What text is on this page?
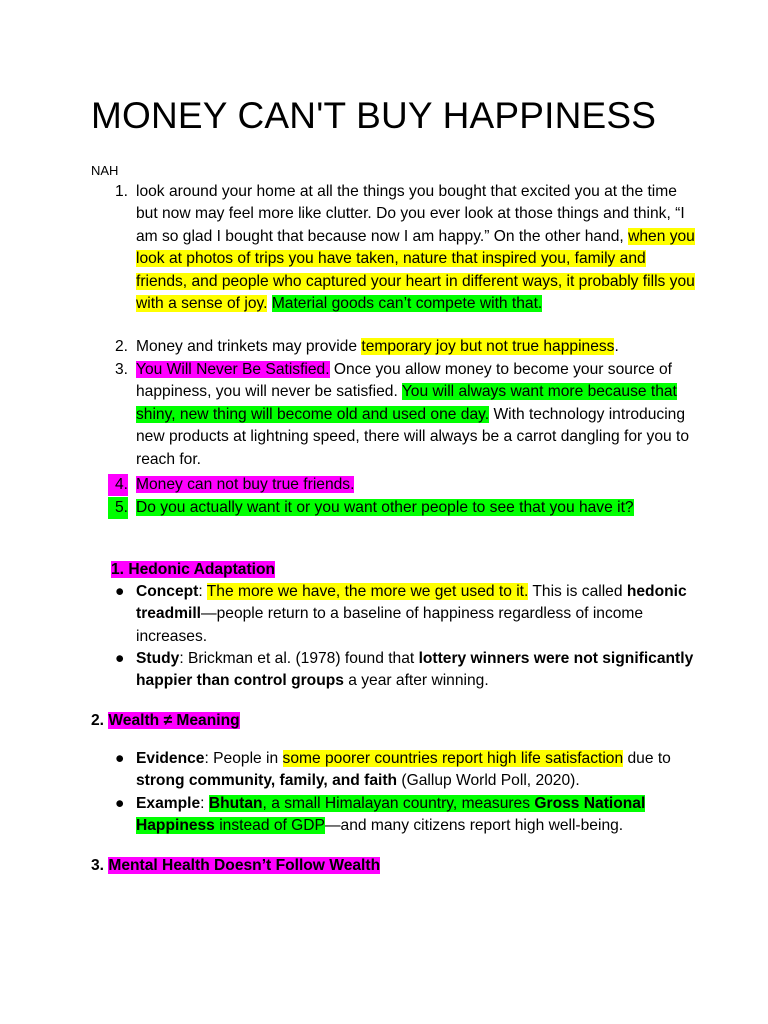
MONEY CAN'T BUY HAPPINESS
NAH
1. look around your home at all the things you bought that excited you at the time but now may feel more like clutter. Do you ever look at those things and think, “I am so glad I bought that because now I am happy.” On the other hand, when you look at photos of trips you have taken, nature that inspired you, family and friends, and people who captured your heart in different ways, it probably fills you with a sense of joy. Material goods can’t compete with that.
2. Money and trinkets may provide temporary joy but not true happiness.
3. You Will Never Be Satisfied. Once you allow money to become your source of happiness, you will never be satisfied. You will always want more because that shiny, new thing will become old and used one day. With technology introducing new products at lightning speed, there will always be a carrot dangling for you to reach for.
4. Money can not buy true friends.
5. Do you actually want it or you want other people to see that you have it?
1. Hedonic Adaptation
● Concept: The more we have, the more we get used to it. This is called hedonic treadmill—people return to a baseline of happiness regardless of income increases.
● Study: Brickman et al. (1978) found that lottery winners were not significantly happier than control groups a year after winning.
2. Wealth ≠ Meaning
● Evidence: People in some poorer countries report high life satisfaction due to strong community, family, and faith (Gallup World Poll, 2020).
● Example: Bhutan, a small Himalayan country, measures Gross National Happiness instead of GDP—and many citizens report high well-being.
3. Mental Health Doesn’t Follow Wealth
